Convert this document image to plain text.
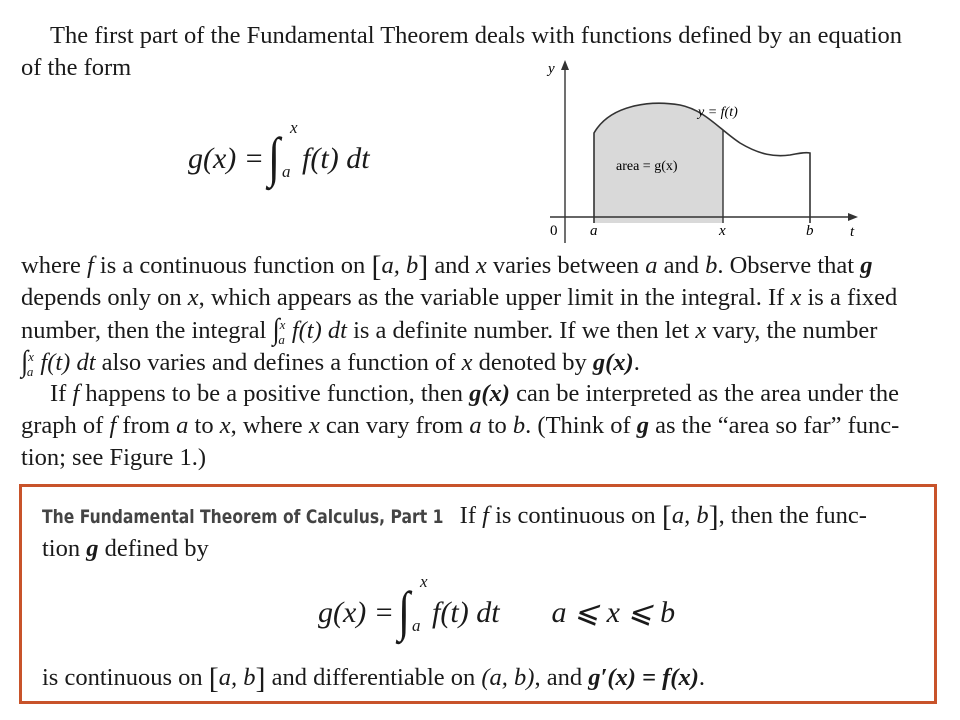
The first part of the Fundamental Theorem deals with functions defined by an equation
of the form
g(x) = ∫ x
a f(t) dt
y
t
0 a	x	b
y = f(t)
area = g(x)
where f is a continuous function on [a, b] and x varies between a and b. Observe that g
depends only on x, which appears as the variable upper limit in the integral. If x is a fixed
number, then the integral ∫$^x_a$ f(t) dt is a definite number. If we then let x vary, the number
∫$^x_a$ f(t) dt also varies and defines a function of x denoted by g(x).
If f happens to be a positive function, then g(x) can be interpreted as the area under the
graph of f from a to x, where x can vary from a to b. (Think of g as the “area so far” func-
tion; see Figure 1.)
The Fundamental Theorem of Calculus, Part 1 If f is continuous on [a, b], then the func-
tion g defined by
g(x) = ∫ x
a f(t) dt a ⩽ x ⩽ b
is continuous on [a, b] and differentiable on (a, b), and g′(x) = f(x).
